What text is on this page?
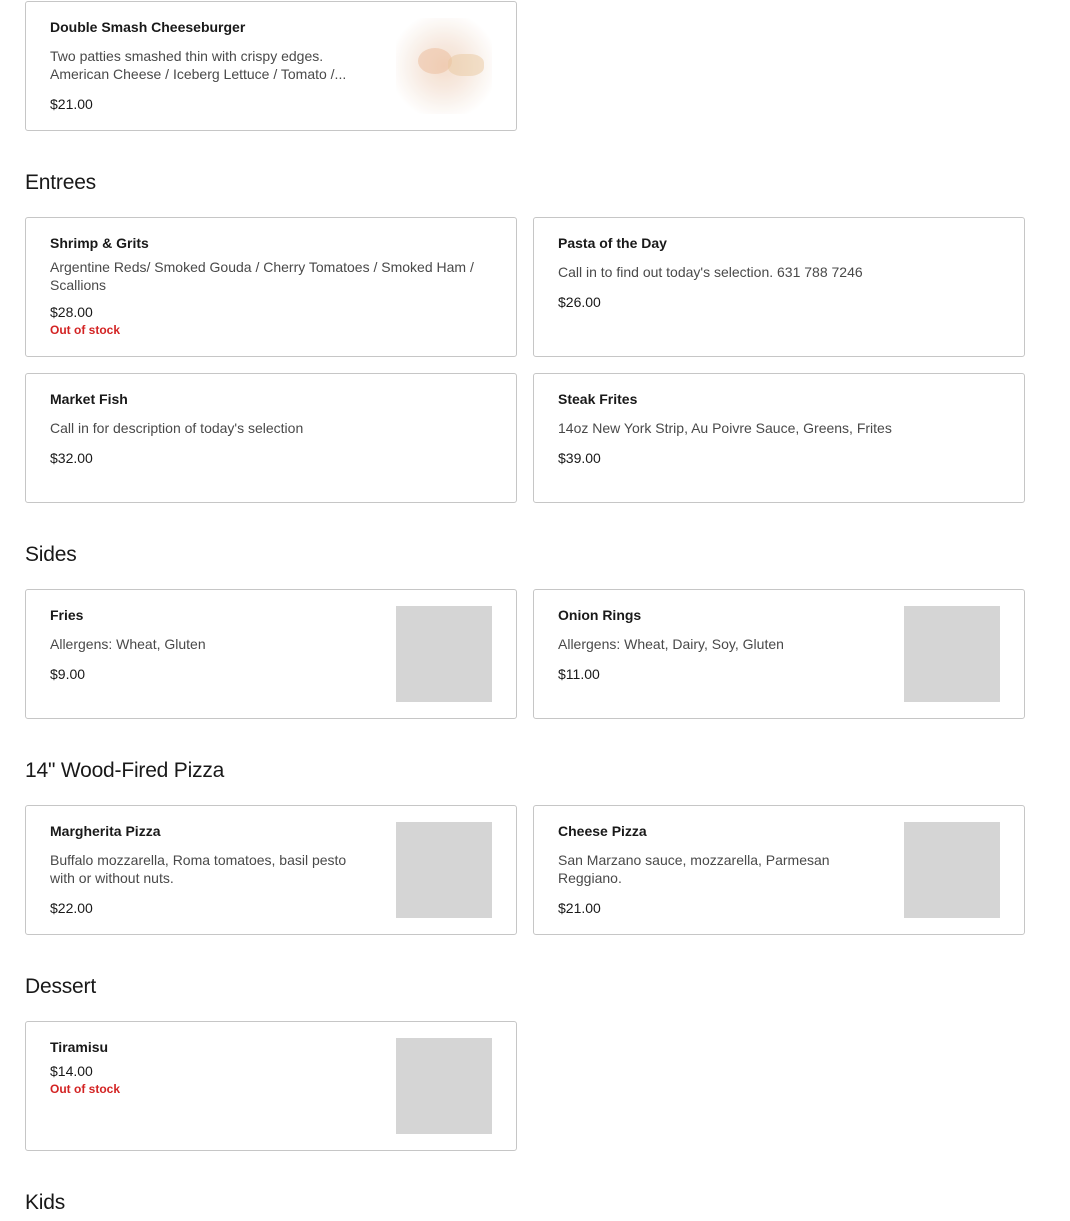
Double Smash Cheeseburger
Two patties smashed thin with crispy edges.
American Cheese / Iceberg Lettuce / Tomato /...
$21.00
Entrees
Shrimp & Grits
Argentine Reds/ Smoked Gouda / Cherry Tomatoes / Smoked Ham /
Scallions
$28.00
Out of stock
Pasta of the Day
Call in to find out today's selection. 631 788 7246
$26.00
Market Fish
Call in for description of today's selection
$32.00
Steak Frites
14oz New York Strip, Au Poivre Sauce, Greens, Frites
$39.00
Sides
Fries
Allergens: Wheat, Gluten
$9.00
Onion Rings
Allergens: Wheat, Dairy, Soy, Gluten
$11.00
14" Wood-Fired Pizza
Margherita Pizza
Buffalo mozzarella, Roma tomatoes, basil pesto
with or without nuts.
$22.00
Cheese Pizza
San Marzano sauce, mozzarella, Parmesan
Reggiano.
$21.00
Dessert
Tiramisu
$14.00
Out of stock
Kids
